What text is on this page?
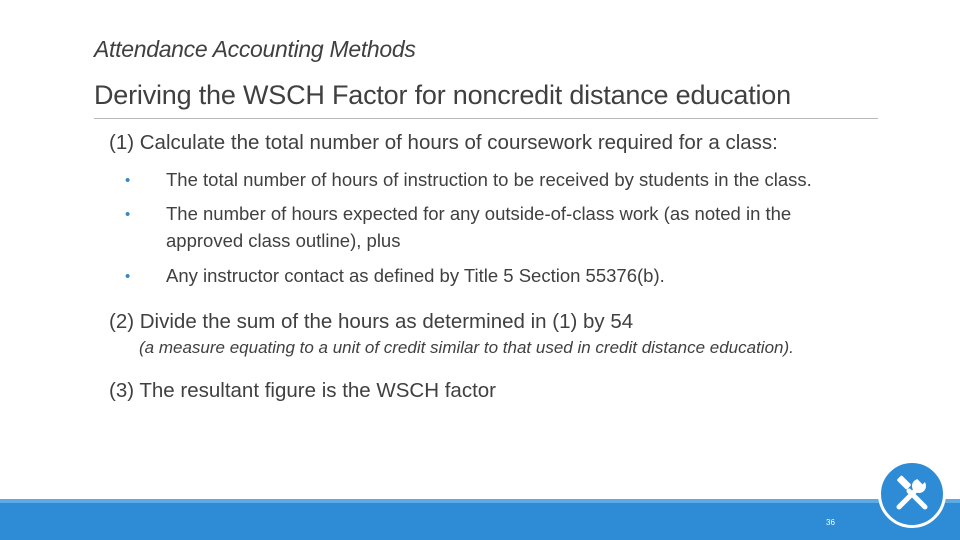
Attendance Accounting Methods
Deriving the WSCH Factor for noncredit distance education
(1) Calculate the total number of hours of coursework required for a class:
• The total number of hours of instruction to be received by students in the class.
• The number of hours expected for any outside-of-class work (as noted in the
approved class outline), plus
• Any instructor contact as defined by Title 5 Section 55376(b).
(2) Divide the sum of the hours as determined in (1) by 54
(a measure equating to a unit of credit similar to that used in credit distance education).
(3) The resultant figure is the WSCH factor
36
